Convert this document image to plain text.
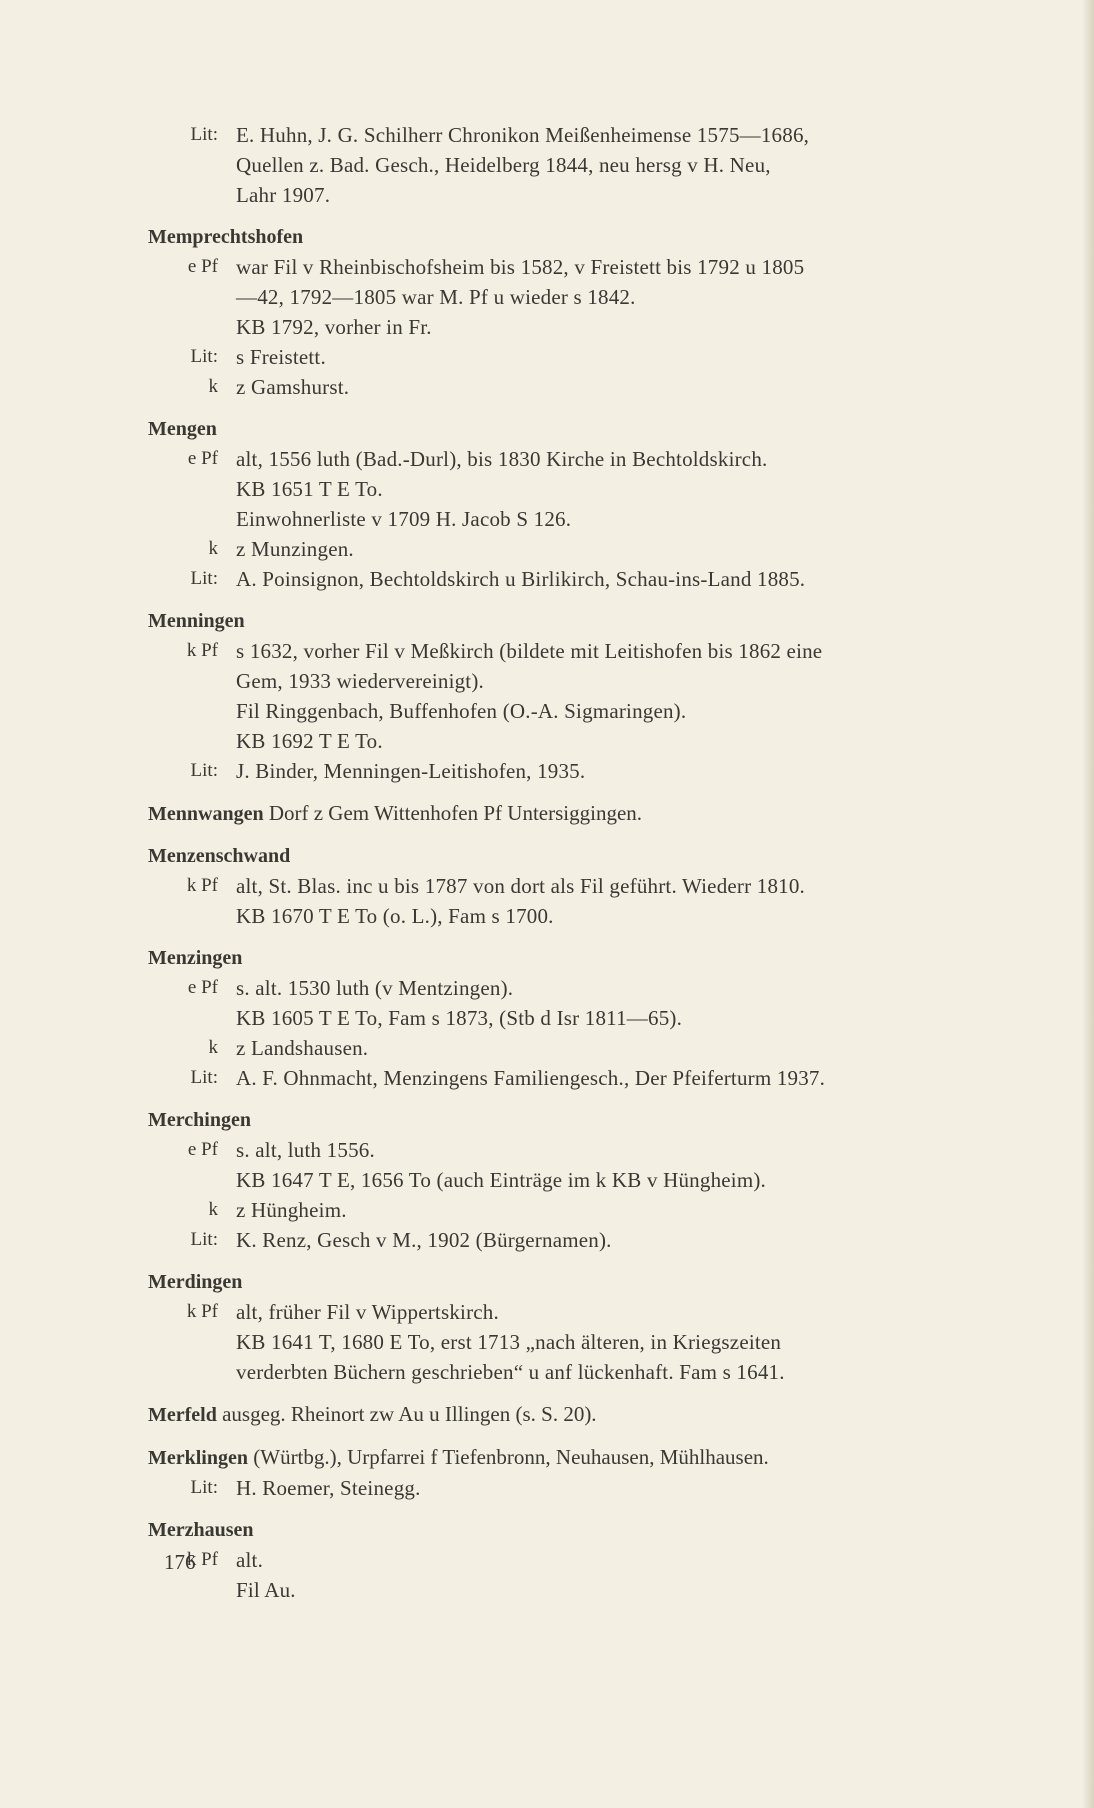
Lit: E. Huhn, J. G. Schilherr Chronikon Meißenheimense 1575—1686,
Quellen z. Bad. Gesch., Heidelberg 1844, neu hersg v H. Neu,
Lahr 1907.
Memprechtshofen
e Pf war Fil v Rheinbischofsheim bis 1582, v Freistett bis 1792 u 1805
—42, 1792—1805 war M. Pf u wieder s 1842.
KB 1792, vorher in Fr.
Lit: s Freistett.
k z Gamshurst.
Mengen
e Pf alt, 1556 luth (Bad.-Durl), bis 1830 Kirche in Bechtoldskirch.
KB 1651 T E To.
Einwohnerliste v 1709 H. Jacob S 126.
k z Munzingen.
Lit: A. Poinsignon, Bechtoldskirch u Birlikirch, Schau-ins-Land 1885.
Menningen
k Pf s 1632, vorher Fil v Meßkirch (bildete mit Leitishofen bis 1862 eine
Gem, 1933 wiedervereinigt).
Fil Ringgenbach, Buffenhofen (O.-A. Sigmaringen).
KB 1692 T E To.
Lit: J. Binder, Menningen-Leitishofen, 1935.
Mennwangen Dorf z Gem Wittenhofen Pf Untersiggingen.
Menzenschwand
k Pf alt, St. Blas. inc u bis 1787 von dort als Fil geführt. Wiederr 1810.
KB 1670 T E To (o. L.), Fam s 1700.
Menzingen
e Pf s. alt. 1530 luth (v Mentzingen).
KB 1605 T E To, Fam s 1873, (Stb d Isr 1811—65).
k z Landshausen.
Lit: A. F. Ohnmacht, Menzingens Familiengesch., Der Pfeiferturm 1937.
Merchingen
e Pf s. alt, luth 1556.
KB 1647 T E, 1656 To (auch Einträge im k KB v Hüngheim).
k z Hüngheim.
Lit: K. Renz, Gesch v M., 1902 (Bürgernamen).
Merdingen
k Pf alt, früher Fil v Wippertskirch.
KB 1641 T, 1680 E To, erst 1713 „nach älteren, in Kriegszeiten
verderbten Büchern geschrieben“ u anf lückenhaft. Fam s 1641.
Merfeld ausgeg. Rheinort zw Au u Illingen (s. S. 20).
Merklingen (Würtbg.), Urpfarrei f Tiefenbronn, Neuhausen, Mühlhausen.
Lit: H. Roemer, Steinegg.
Merzhausen
k Pf alt.
Fil Au.
176
